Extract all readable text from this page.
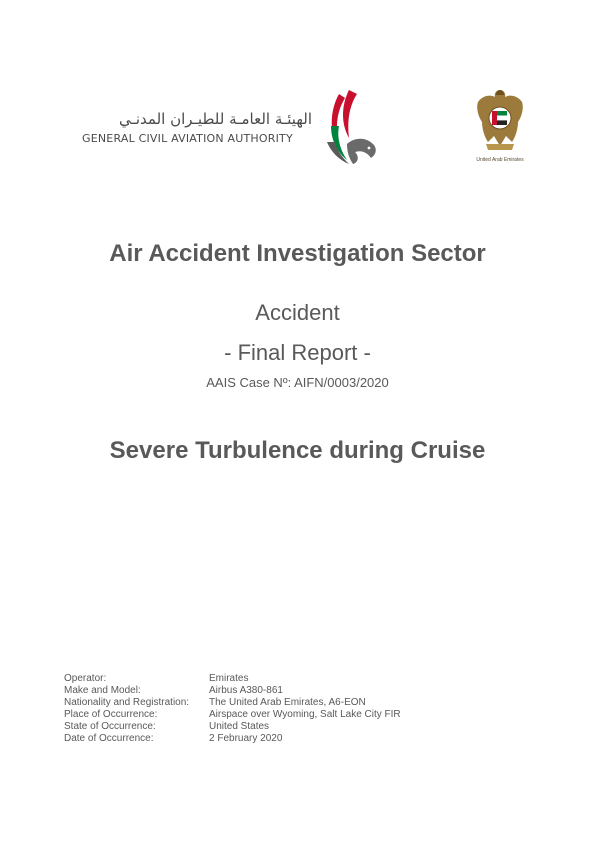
الهيئـة العامـة للطيـران المدنـي
GENERAL CIVIL AVIATION AUTHORITY
United Arab Emirates
Air Accident Investigation Sector
Accident
- Final Report -
AAIS Case Nº: AIFN/0003/2020
Severe Turbulence during Cruise
Operator:	Emirates
Make and Model:	Airbus A380-861
Nationality and Registration: The United Arab Emirates, A6-EON
Place of Occurrence:	Airspace over Wyoming, Salt Lake City FIR
State of Occurrence:	United States
Date of Occurrence:	2 February 2020
